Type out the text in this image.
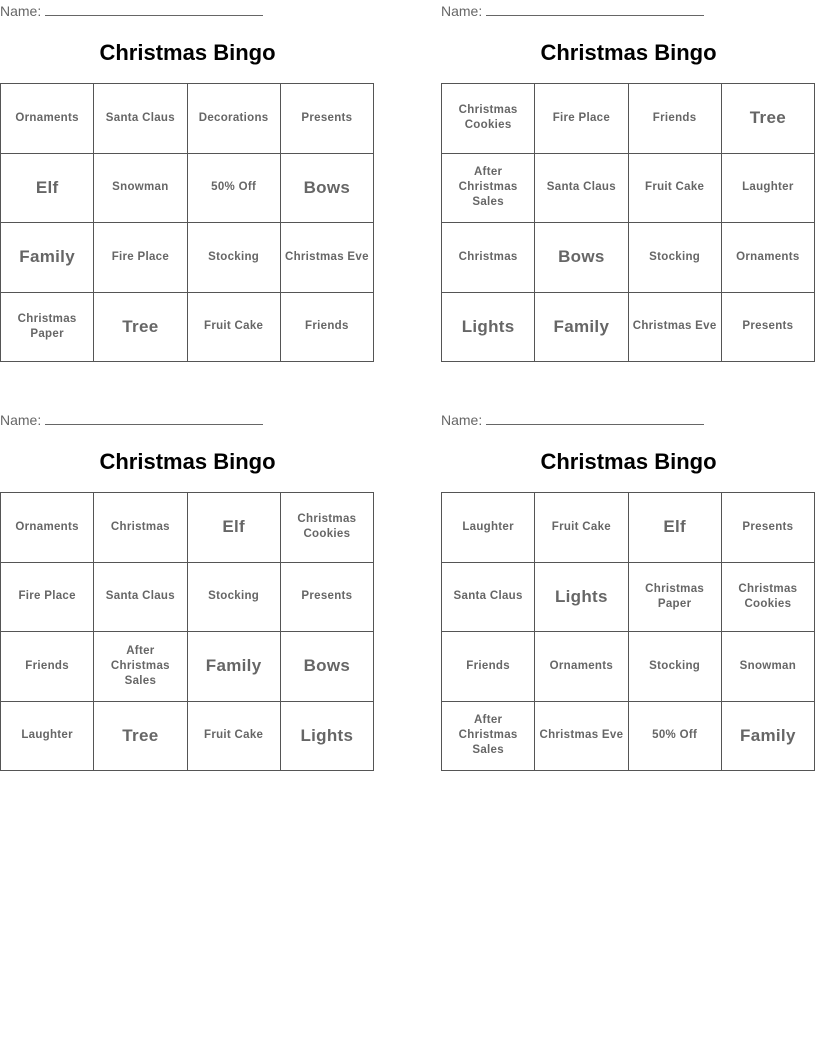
Name:
Christmas Bingo
Ornaments	Santa Claus	Decorations	Presents
Elf	Snowman	50% Off	Bows
Family	Fire Place	Stocking	Christmas Eve
Christmas Paper	Tree	Fruit Cake	Friends
Name:
Christmas Bingo
Christmas Cookies	Fire Place	Friends	Tree
After Christmas Sales	Santa Claus	Fruit Cake	Laughter
Christmas	Bows	Stocking	Ornaments
Lights	Family	Christmas Eve	Presents
Name:
Christmas Bingo
Ornaments	Christmas	Elf	Christmas Cookies
Fire Place	Santa Claus	Stocking	Presents
Friends	After Christmas Sales	Family	Bows
Laughter	Tree	Fruit Cake	Lights
Name:
Christmas Bingo
Laughter	Fruit Cake	Elf	Presents
Santa Claus	Lights	Christmas Paper	Christmas Cookies
Friends	Ornaments	Stocking	Snowman
After Christmas Sales	Christmas Eve	50% Off	Family
